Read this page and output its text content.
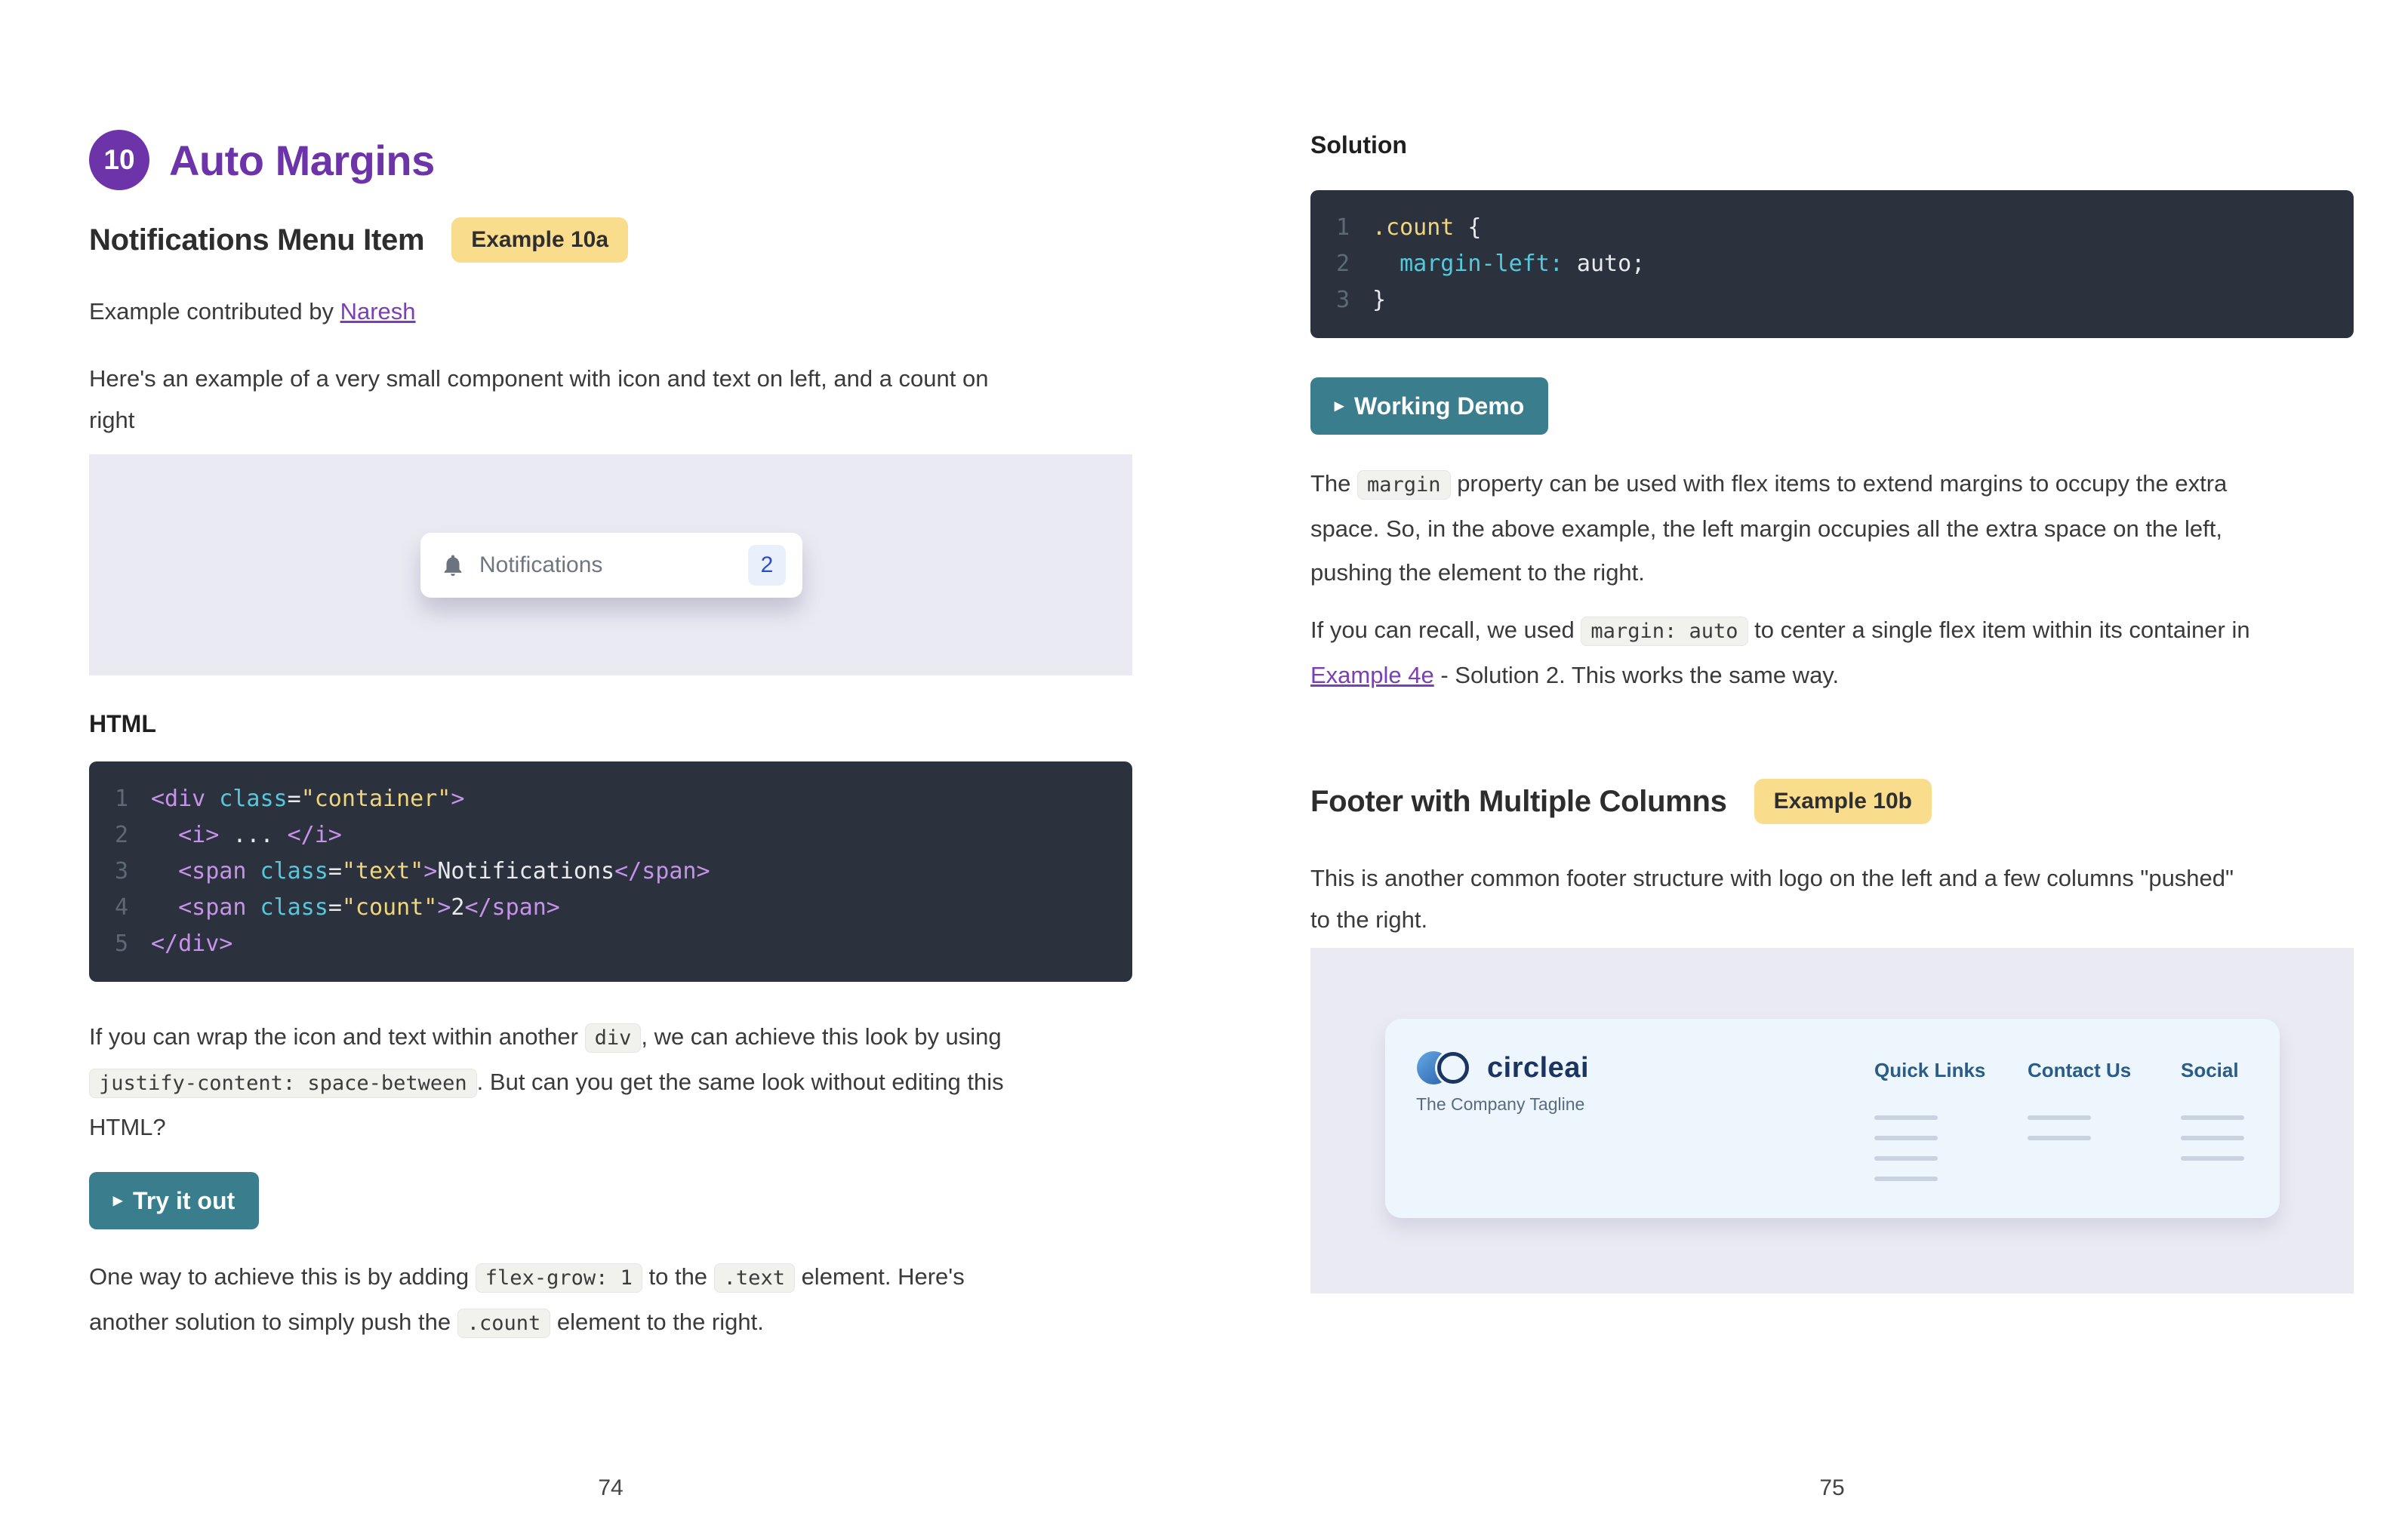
10 Auto Margins
Notifications Menu Item	Example 10a

Example contributed by Naresh

Here's an example of a very small component with icon and text on left, and a count on
right

Notifications	2
HTML
1 <div class="container">
2	<i> ... </i>
3	<span class="text">Notifications</span>
4	<span class="count">2</span>
5 </div>

If you can wrap the icon and text within another div , we can achieve this look by using
justify-content: space-between . But can you get the same look without editing this
HTML?

▸ Try it out

One way to achieve this is by adding flex-grow: 1 to the .text element. Here's
another solution to simply push the .count element to the right.

74
Solution
1 .count {
2	margin-left: auto;
3 }
▸ Working Demo

The margin property can be used with flex items to extend margins to occupy the extra
space. So, in the above example, the left margin occupies all the extra space on the left,
pushing the element to the right.

If you can recall, we used margin: auto to center a single flex item within its container in
Example 4e - Solution 2. This works the same way.

Footer with Multiple Columns	Example 10b

This is another common footer structure with logo on the left and a few columns "pushed"
to the right.

circleai
The Company Tagline
Quick Links	Contact Us	Social
75
